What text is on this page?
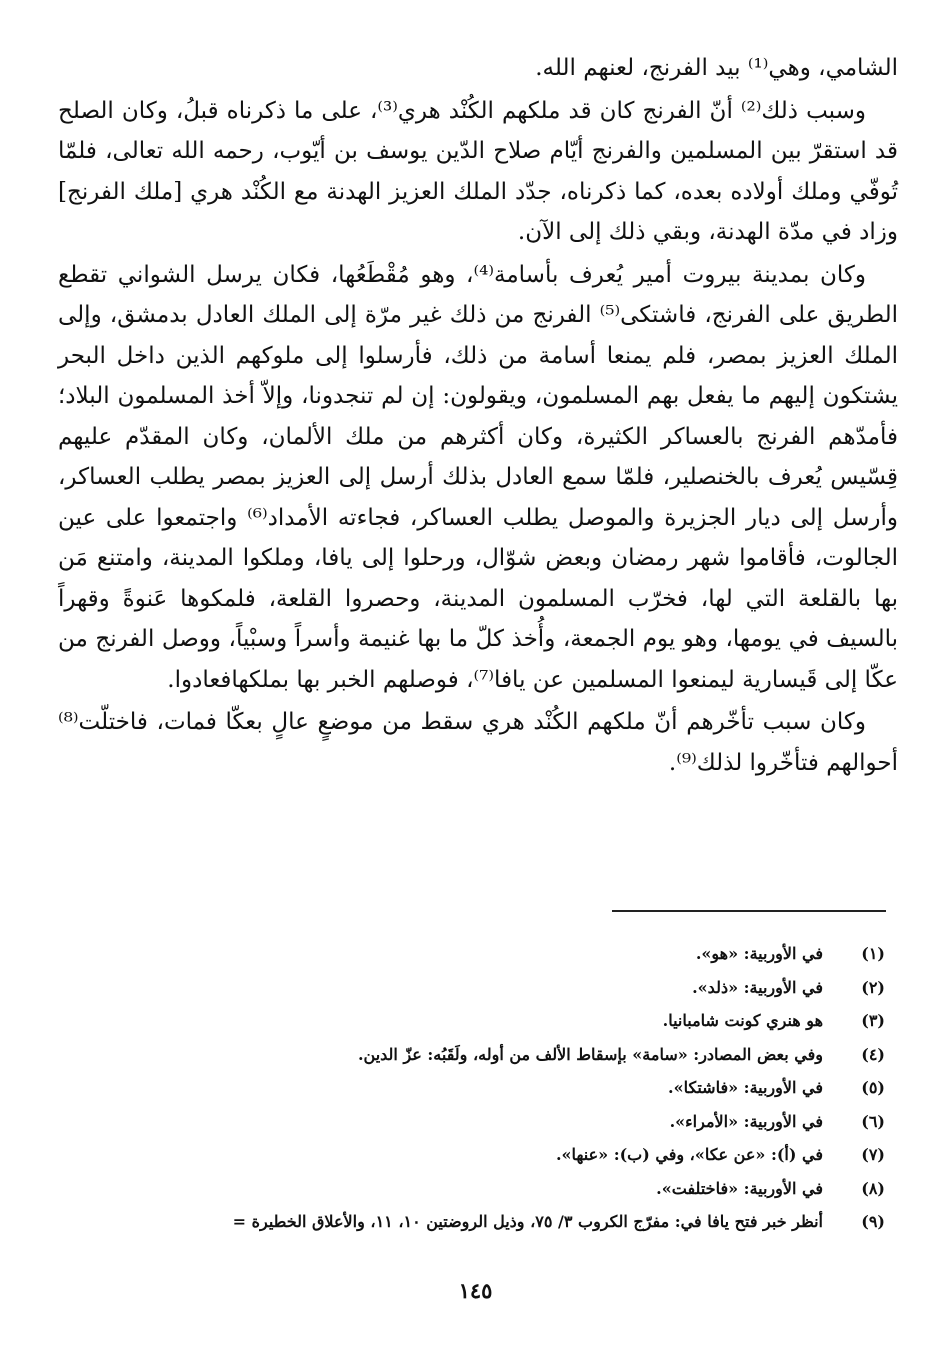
الشامي، وهي⁽¹⁾ بيد الفرنج، لعنهم الله.

وسبب ذلك⁽²⁾ أنّ الفرنج كان قد ملكهم الكُنْد هري⁽³⁾، على ما ذكرناه قبلُ، وكان الصلح قد استقرّ بين المسلمين والفرنج أيّام صلاح الدّين يوسف بن أيّوب، رحمه الله تعالى، فلمّا تُوفّي وملك أولاده بعده، كما ذكرناه، جدّد الملك العزيز الهدنة مع الكُنْد هري [ملك الفرنج] وزاد في مدّة الهدنة، وبقي ذلك إلى الآن.

وكان بمدينة بيروت أمير يُعرف بأسامة⁽⁴⁾، وهو مُقْطَعُها، فكان يرسل الشواني تقطع الطريق على الفرنج، فاشتكى⁽⁵⁾ الفرنج من ذلك غير مرّة إلى الملك العادل بدمشق، وإلى الملك العزيز بمصر، فلم يمنعا أسامة من ذلك، فأرسلوا إلى ملوكهم الذين داخل البحر يشتكون إليهم ما يفعل بهم المسلمون، ويقولون: إن لم تنجدونا، وإلاّ أخذ المسلمون البلاد؛ فأمدّهم الفرنج بالعساكر الكثيرة، وكان أكثرهم من ملك الألمان، وكان المقدّم عليهم قِسّيس يُعرف بالخنصلير، فلمّا سمع العادل بذلك أرسل إلى العزيز بمصر يطلب العساكر، وأرسل إلى ديار الجزيرة والموصل يطلب العساكر، فجاءته الأمداد⁽⁶⁾ واجتمعوا على عين الجالوت، فأقاموا شهر رمضان وبعض شوّال، ورحلوا إلى يافا، وملكوا المدينة، وامتنع مَن بها بالقلعة التي لها، فخرّب المسلمون المدينة، وحصروا القلعة، فلمكوها عَنوةً وقهراً بالسيف في يومها، وهو يوم الجمعة، وأُخذ كلّ ما بها غنيمة وأسراً وسبْياً، ووصل الفرنج من عكّا إلى قَيسارية ليمنعوا المسلمين عن يافا⁽⁷⁾، فوصلهم الخبر بها بملكهافعادوا.

وكان سبب تأخّرهم أنّ ملكهم الكُنْد هري سقط من موضعٍ عالٍ بعكّا فمات، فاختلّت⁽⁸⁾ أحوالهم فتأخّروا لذلك⁽⁹⁾.

(١)
في الأوربية: «هو».
(٢)
في الأوربية: «ذلد».
(٣)
هو هنري كونت شامبانيا.
(٤)
وفي بعض المصادر: «سامة» بإسقاط الألف من أوله، ولَقَبُه: عزّ الدين.
(٥)
في الأوربية: «فاشتكا».
(٦)
في الأوربية: «الأمراء».
(٧)
في (أ): «عن عكا»، وفي (ب): «عنها».
(٨)
في الأوربية: «فاختلفت».
(٩)
أنظر خبر فتح يافا في: مفرّج الكروب ٣/ ٧٥، وذيل الروضتين ١٠، ١١، والأعلاق الخطيرة =
١٤٥
